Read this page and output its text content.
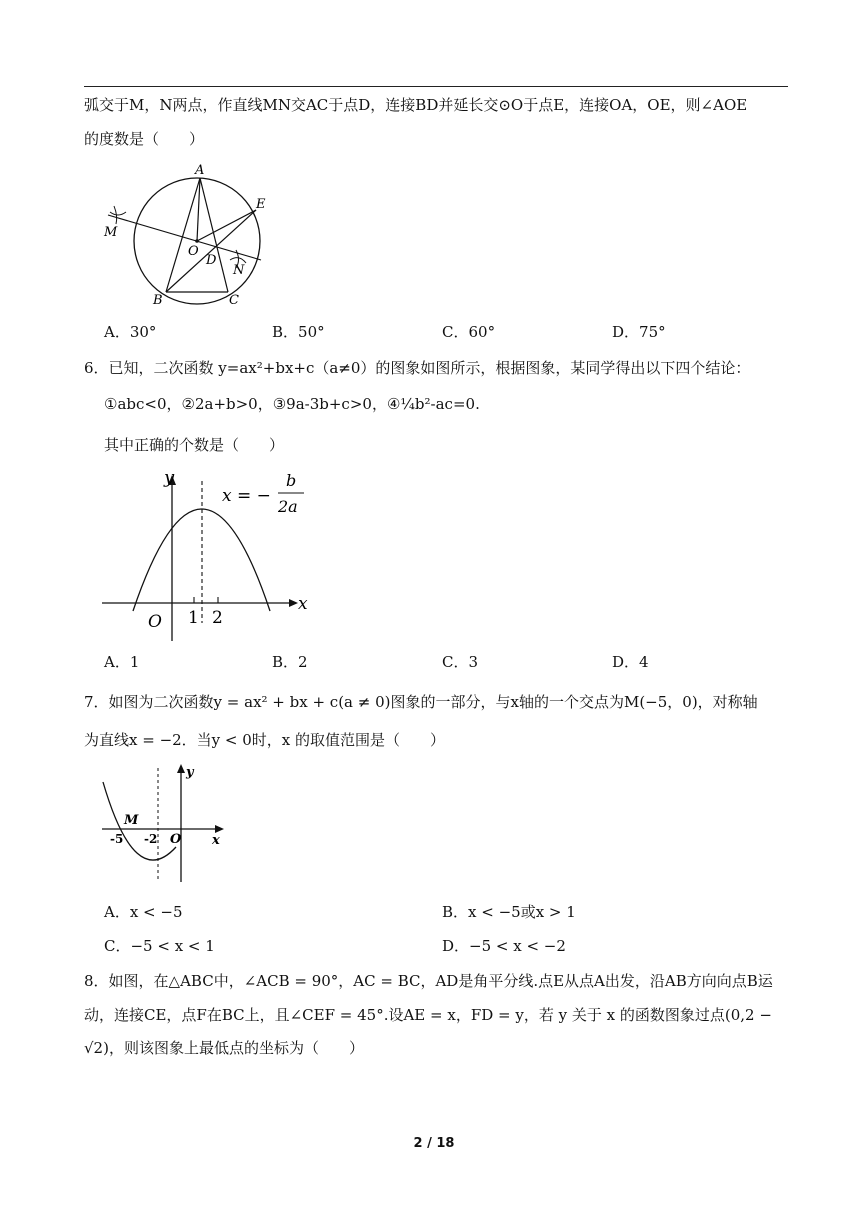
弧交于M，N两点，作直线MN交AC于点D，连接BD并延长交⊙O于点E，连接OA，OE，则∠AOE
的度数是（　　）
A
E
M
O
D
N
B	C
A．30°	B．50°	C．60°	D．75°
6．已知，二次函数 y=ax²+bx+c（a≠0）的图象如图所示，根据图象，某同学得出以下四个结论：
①abc<0，②2a+b>0，③9a-3b+c>0，④¼b²-ac=0.
其中正确的个数是（　　）
y
x
O 1 2
x = −
b
2a
A．1	B．2	C．3	D．4
7．如图为二次函数y = ax² + bx + c(a ≠ 0)图象的一部分，与x轴的一个交点为M(−5，0)，对称轴
为直线x = −2．当y < 0时，x 的取值范围是（　　）
y
x
M
O
-5 -2
A．x < −5	B．x < −5或x > 1
C．−5 < x < 1	D．−5 < x < −2
8．如图，在△ABC中，∠ACB = 90°，AC = BC，AD是角平分线.点E从点A出发，沿AB方向向点B运
动，连接CE，点F在BC上，且∠CEF = 45°.设AE = x，FD = y，若 y 关于 x 的函数图象过点(0,2 −
√2)，则该图象上最低点的坐标为（　　）
2 / 18
